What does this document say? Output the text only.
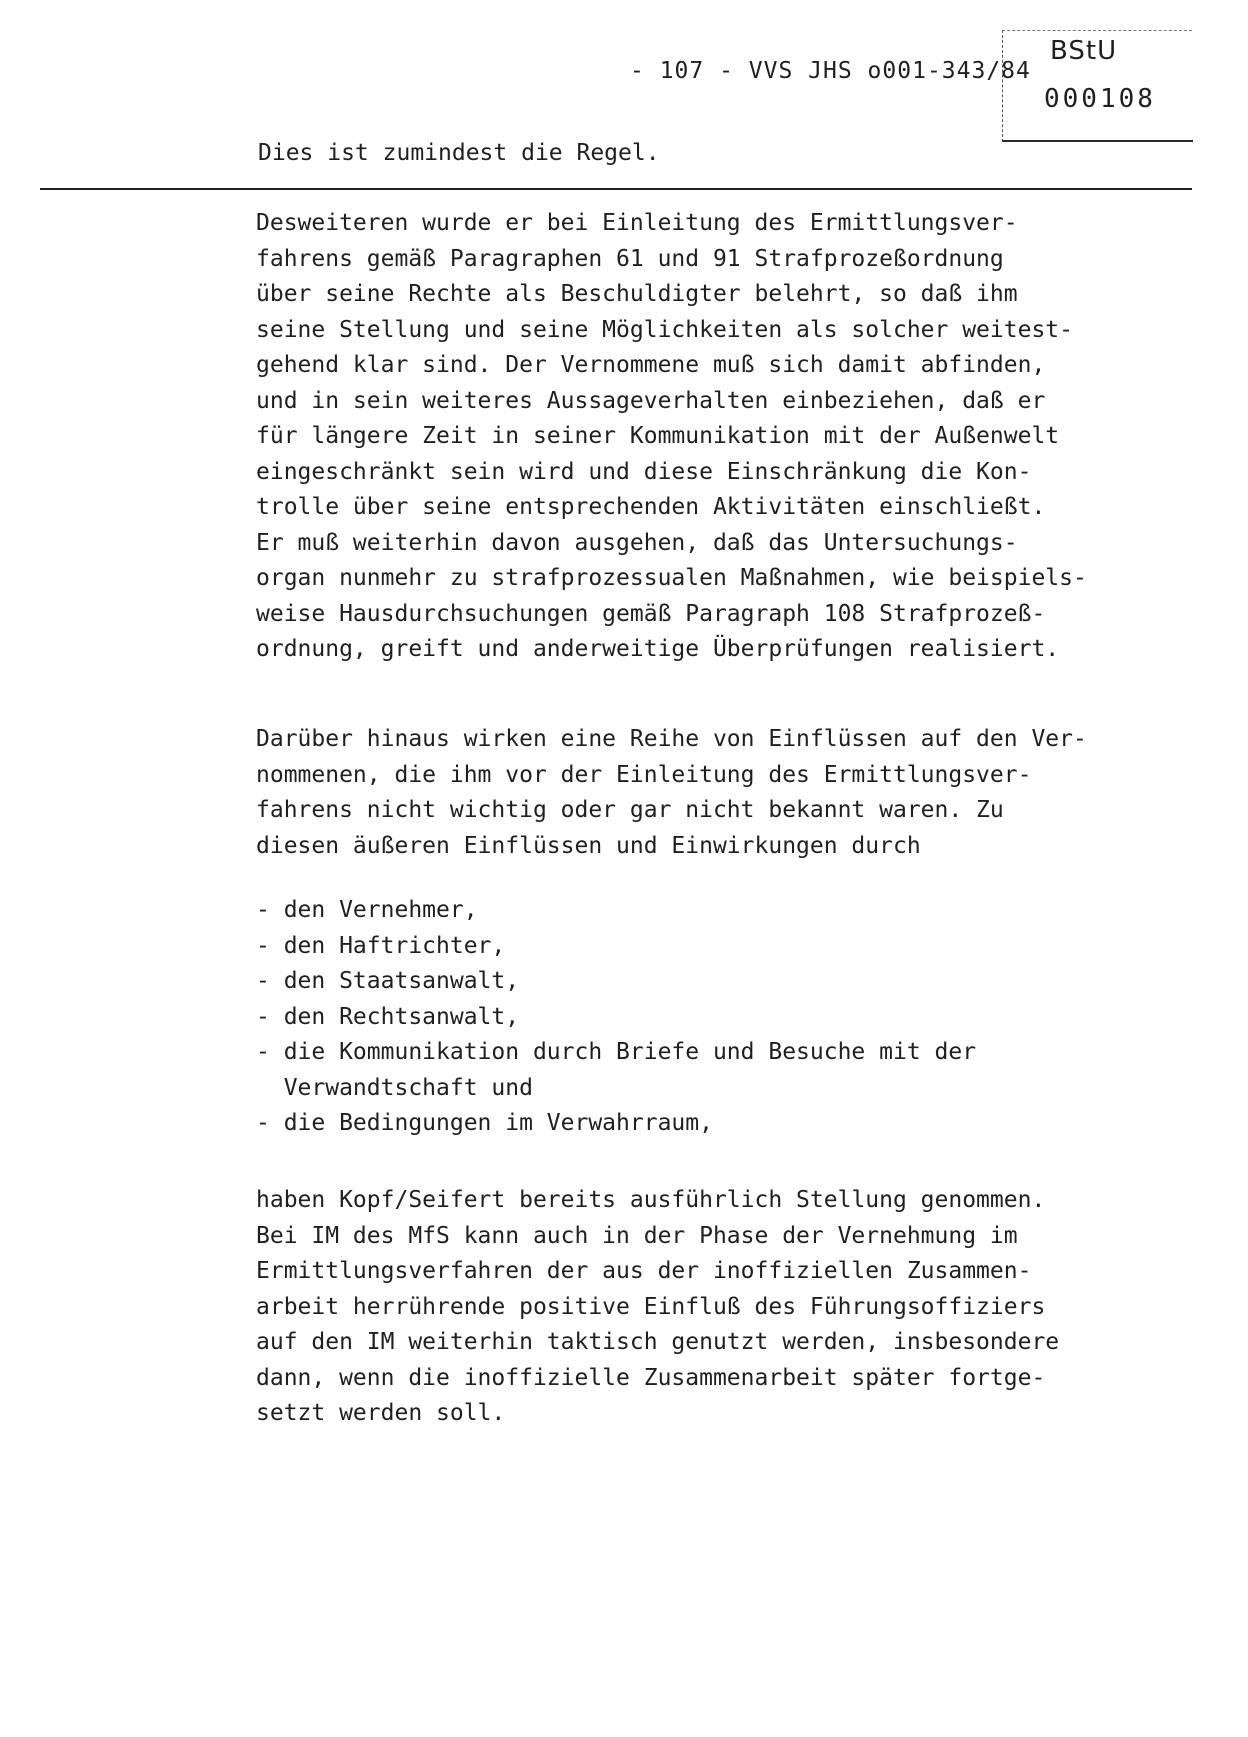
- 107 - VVS JHS o001-343/84
BStU
000108
Dies ist zumindest die Regel.

Desweiteren wurde er bei Einleitung des Ermittlungsver-
fahrens gemäß Paragraphen 61 und 91 Strafprozeßordnung
über seine Rechte als Beschuldigter belehrt, so daß ihm
seine Stellung und seine Möglichkeiten als solcher weitest-
gehend klar sind. Der Vernommene muß sich damit abfinden,
und in sein weiteres Aussageverhalten einbeziehen, daß er
für längere Zeit in seiner Kommunikation mit der Außenwelt
eingeschränkt sein wird und diese Einschränkung die Kon-
trolle über seine entsprechenden Aktivitäten einschließt.
Er muß weiterhin davon ausgehen, daß das Untersuchungs-
organ nunmehr zu strafprozessualen Maßnahmen, wie beispiels-
weise Hausdurchsuchungen gemäß Paragraph 108 Strafprozeß-
ordnung, greift und anderweitige Überprüfungen realisiert.

Darüber hinaus wirken eine Reihe von Einflüssen auf den Ver-
nommenen, die ihm vor der Einleitung des Ermittlungsver-
fahrens nicht wichtig oder gar nicht bekannt waren. Zu
diesen äußeren Einflüssen und Einwirkungen durch

- den Vernehmer,
- den Haftrichter,
- den Staatsanwalt,
- den Rechtsanwalt,
- die Kommunikation durch Briefe und Besuche mit der
Verwandtschaft und
- die Bedingungen im Verwahrraum,

haben Kopf/Seifert bereits ausführlich Stellung genommen.
Bei IM des MfS kann auch in der Phase der Vernehmung im
Ermittlungsverfahren der aus der inoffiziellen Zusammen-
arbeit herrührende positive Einfluß des Führungsoffiziers
auf den IM weiterhin taktisch genutzt werden, insbesondere
dann, wenn die inoffizielle Zusammenarbeit später fortge-
setzt werden soll.
